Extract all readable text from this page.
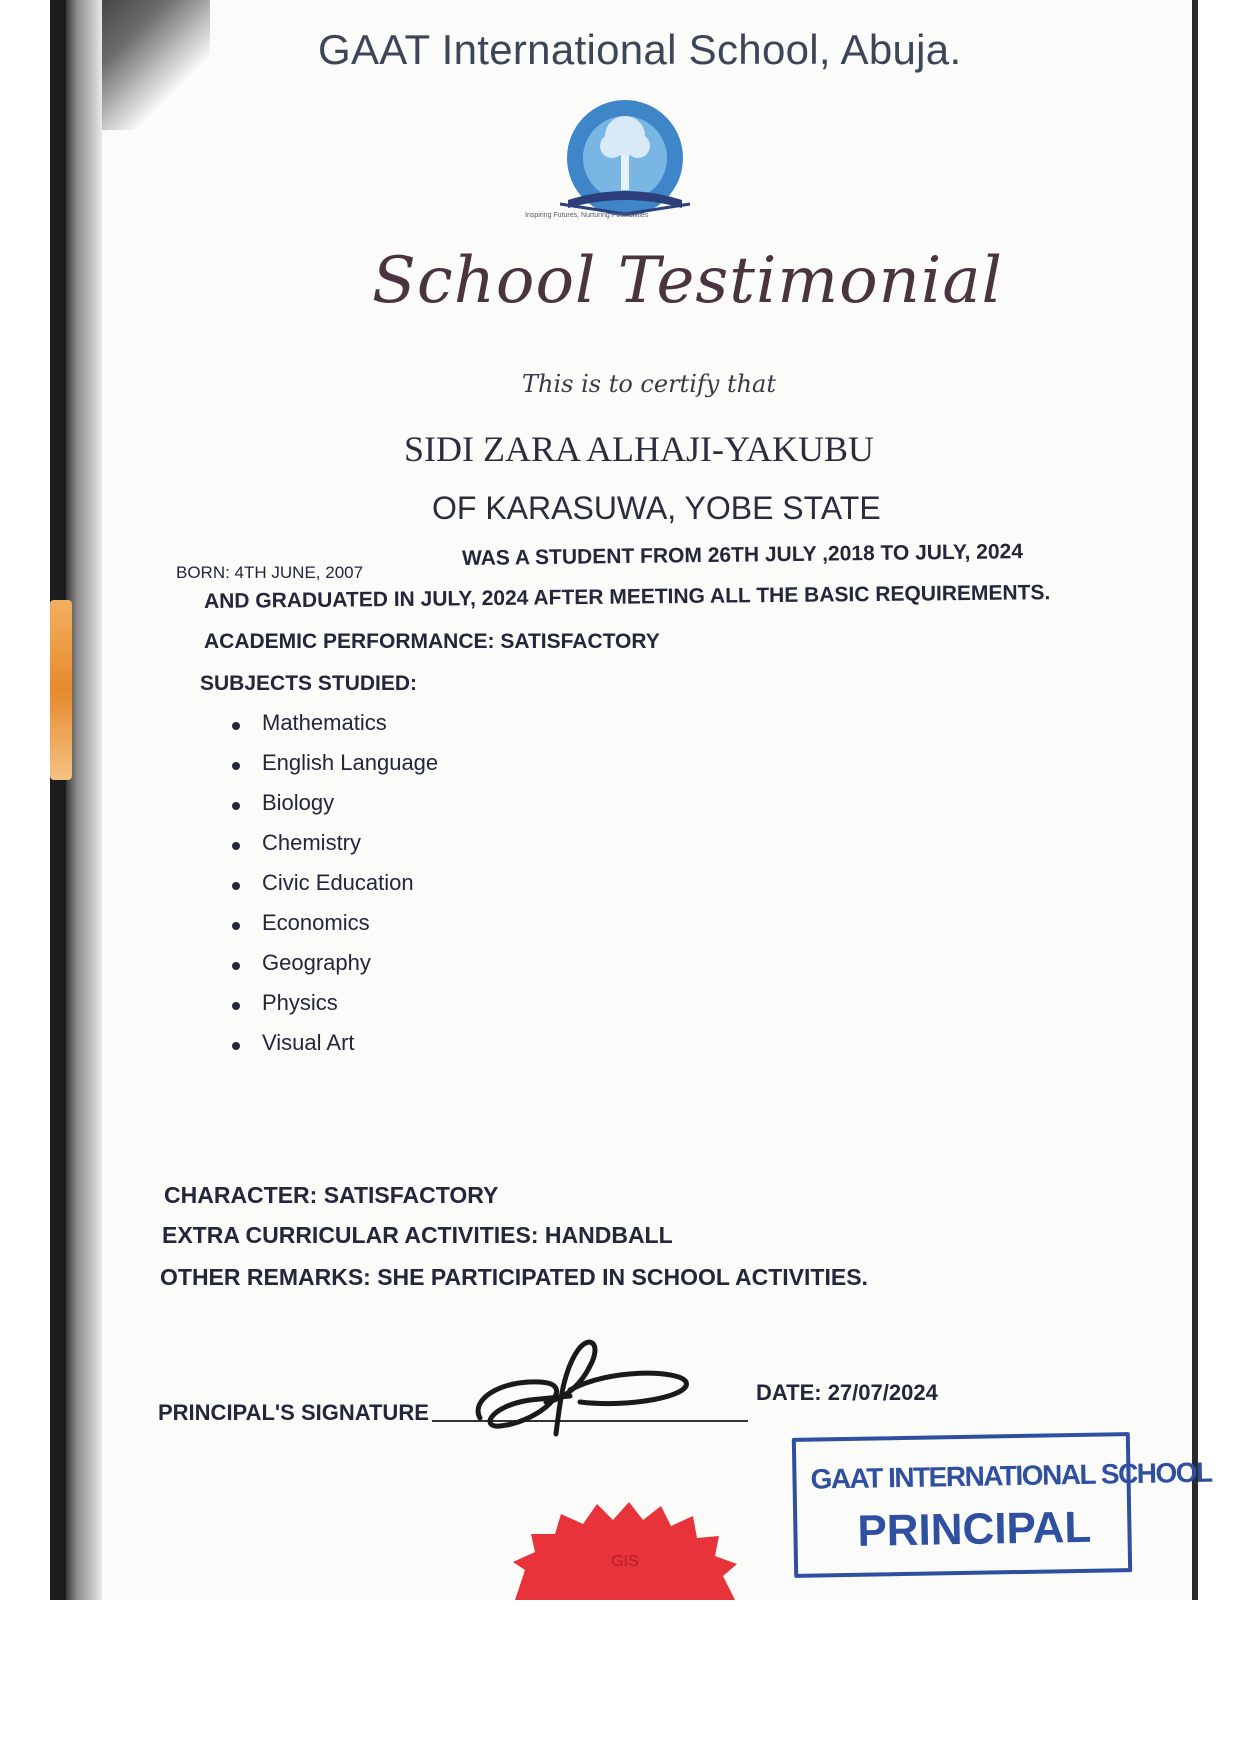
GAAT International School, Abuja.
Inspiring Futures, Nurturing Possibilities
School Testimonial
This is to certify that
SIDI ZARA ALHAJI-YAKUBU
OF KARASUWA, YOBE STATE
BORN: 4TH JUNE, 2007
WAS A STUDENT FROM 26TH JULY ,2018 TO JULY, 2024
AND GRADUATED IN JULY, 2024 AFTER MEETING ALL THE BASIC REQUIREMENTS.
ACADEMIC PERFORMANCE: SATISFACTORY
SUBJECTS STUDIED:
Mathematics
English Language
Biology
Chemistry
Civic Education
Economics
Geography
Physics
Visual Art
CHARACTER: SATISFACTORY
EXTRA CURRICULAR ACTIVITIES: HANDBALL
OTHER REMARKS: SHE PARTICIPATED IN SCHOOL ACTIVITIES.
PRINCIPAL'S SIGNATURE
DATE: 27/07/2024
GAAT INTERNATIONAL SCHOOL
PRINCIPAL
GIS
